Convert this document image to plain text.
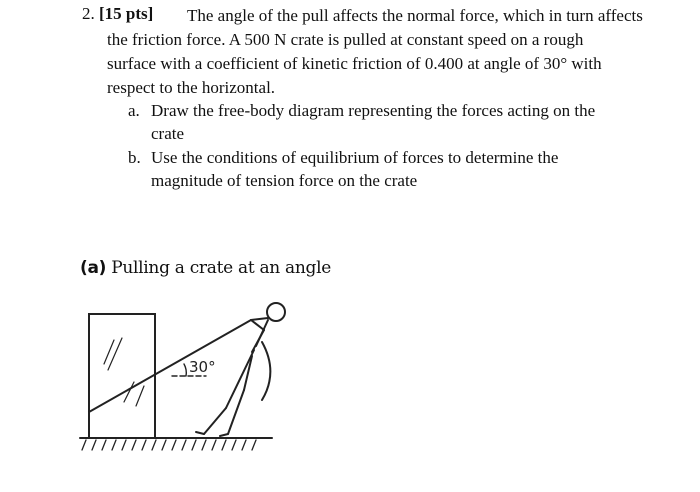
2. [15 pts] The angle of the pull affects the normal force, which in turn affects
the friction force. A 500 N crate is pulled at constant speed on a rough
surface with a coefficient of kinetic friction of 0.400 at angle of 30° with
respect to the horizontal.
a. Draw the free-body diagram representing the forces acting on the
crate
b. Use the conditions of equilibrium of forces to determine the
magnitude of tension force on the crate
(a) Pulling a crate at an angle
30°
